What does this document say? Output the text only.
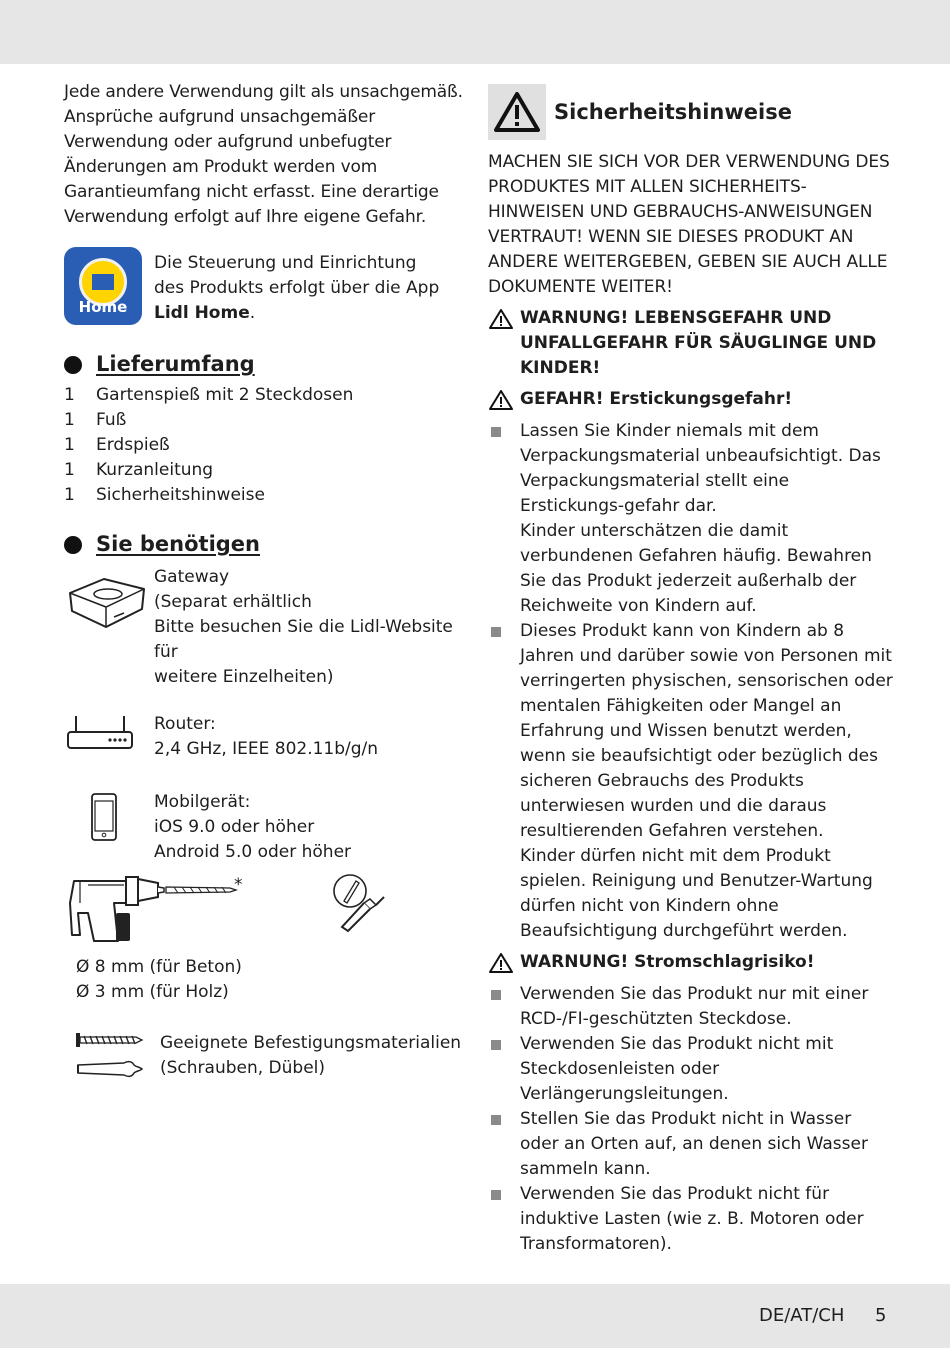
Jede andere Verwendung gilt als unsachgemäß. Ansprüche aufgrund unsachgemäßer Verwendung oder aufgrund unbefugter Änderungen am Produkt werden vom Garantieumfang nicht erfasst. Eine derartige Verwendung erfolgt auf Ihre eigene Gefahr.

Home
Die Steuerung und Einrichtung
des Produkts erfolgt über die App
Lidl Home.
Lieferumfang
1	Gartenspieß mit 2 Steckdosen
1	Fuß
1	Erdspieß
1	Kurzanleitung
1	Sicherheitshinweise
Sie benötigen
Gateway
(Separat erhältlich
Bitte besuchen Sie die Lidl-Website für
weitere Einzelheiten)
Router:
2,4 GHz, IEEE 802.11b/g/n
Mobilgerät:
iOS 9.0 oder höher
Android 5.0 oder höher
*
Ø 8 mm (für Beton)
Ø 3 mm (für Holz)
Geeignete Befestigungsmaterialien
(Schrauben, Dübel)
Sicherheitshinweise

MACHEN SIE SICH VOR DER VERWENDUNG DES PRODUKTES MIT ALLEN SICHERHEITS-HINWEISEN UND GEBRAUCHS-ANWEISUNGEN VERTRAUT! WENN SIE DIESES PRODUKT AN ANDERE WEITERGEBEN, GEBEN SIE AUCH ALLE DOKUMENTE WEITER!

WARNUNG! LEBENSGEFAHR UND UNFALLGEFAHR FÜR SÄUGLINGE UND KINDER!
GEFAHR! Erstickungsgefahr!
Lassen Sie Kinder niemals mit dem Verpackungsmaterial unbeaufsichtigt. Das Verpackungsmaterial stellt eine Erstickungs-gefahr dar.
Kinder unterschätzen die damit verbundenen Gefahren häufig. Bewahren Sie das Produkt jederzeit außerhalb der Reichweite von Kindern auf.
Dieses Produkt kann von Kindern ab 8 Jahren und darüber sowie von Personen mit verringerten physischen, sensorischen oder mentalen Fähigkeiten oder Mangel an Erfahrung und Wissen benutzt werden, wenn sie beaufsichtigt oder bezüglich des sicheren Gebrauchs des Produkts unterwiesen wurden und die daraus resultierenden Gefahren verstehen.
Kinder dürfen nicht mit dem Produkt spielen. Reinigung und Benutzer-Wartung dürfen nicht von Kindern ohne Beaufsichtigung durchgeführt werden.
WARNUNG! Stromschlagrisiko!
Verwenden Sie das Produkt nur mit einer RCD-/FI-geschützten Steckdose.
Verwenden Sie das Produkt nicht mit Steckdosenleisten oder Verlängerungsleitungen.
Stellen Sie das Produkt nicht in Wasser oder an Orten auf, an denen sich Wasser sammeln kann.
Verwenden Sie das Produkt nicht für induktive Lasten (wie z. B. Motoren oder Transformatoren).
DE/AT/CH 5
